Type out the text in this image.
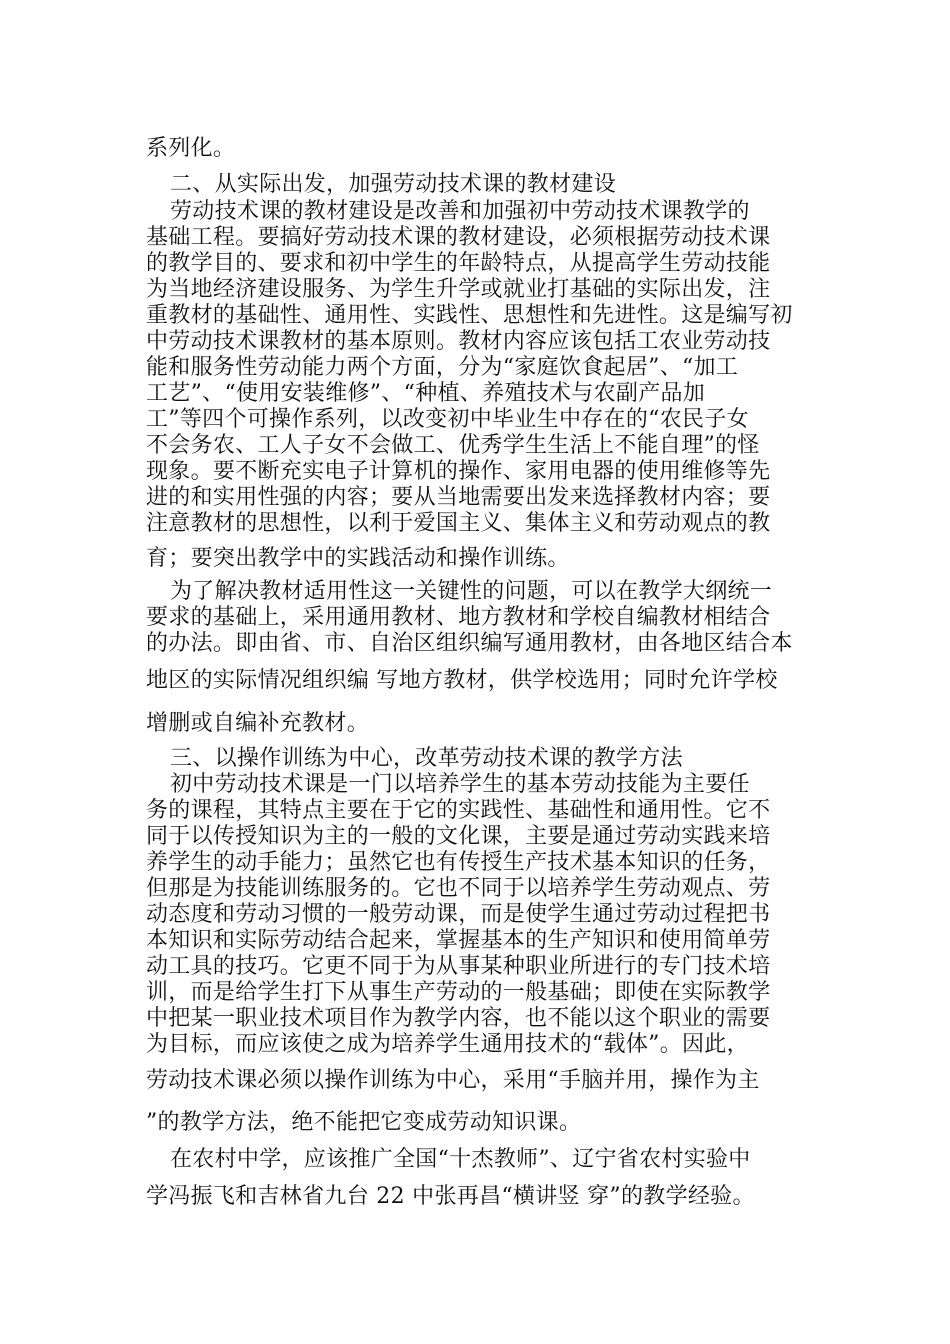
系列化。

二、从实际出发，加强劳动技术课的教材建设

劳动技术课的教材建设是改善和加强初中劳动技术课教学的

基础工程。要搞好劳动技术课的教材建设，必须根据劳动技术课

的教学目的、要求和初中学生的年龄特点，从提高学生劳动技能

为当地经济建设服务、为学生升学或就业打基础的实际出发，注

重教材的基础性、通用性、实践性、思想性和先进性。这是编写初

中劳动技术课教材的基本原则。教材内容应该包括工农业劳动技

能和服务性劳动能力两个方面，分为“家庭饮食起居”、“加工

工艺”、“使用安装维修”、“种植、养殖技术与农副产品加

工”等四个可操作系列，以改变初中毕业生中存在的“农民子女

不会务农、工人子女不会做工、优秀学生生活上不能自理”的怪

现象。要不断充实电子计算机的操作、家用电器的使用维修等先

进的和实用性强的内容；要从当地需要出发来选择教材内容；要

注意教材的思想性，以利于爱国主义、集体主义和劳动观点的教

育；要突出教学中的实践活动和操作训练。

为了解决教材适用性这一关键性的问题，可以在教学大纲统一

要求的基础上，采用通用教材、地方教材和学校自编教材相结合

的办法。即由省、市、自治区组织编写通用教材，由各地区结合本

地区的实际情况组织编 写地方教材，供学校选用；同时允许学校

增删或自编补充教材。

三、以操作训练为中心，改革劳动技术课的教学方法

初中劳动技术课是一门以培养学生的基本劳动技能为主要任

务的课程，其特点主要在于它的实践性、基础性和通用性。它不

同于以传授知识为主的一般的文化课，主要是通过劳动实践来培

养学生的动手能力；虽然它也有传授生产技术基本知识的任务，

但那是为技能训练服务的。它也不同于以培养学生劳动观点、劳

动态度和劳动习惯的一般劳动课，而是使学生通过劳动过程把书

本知识和实际劳动结合起来，掌握基本的生产知识和使用简单劳

动工具的技巧。它更不同于为从事某种职业所进行的专门技术培

训，而是给学生打下从事生产劳动的一般基础；即使在实际教学

中把某一职业技术项目作为教学内容，也不能以这个职业的需要

为目标，而应该使之成为培养学生通用技术的“载体”。因此，

劳动技术课必须以操作训练为中心，采用“手脑并用，操作为主

”的教学方法，绝不能把它变成劳动知识课。

在农村中学，应该推广全国“十杰教师”、辽宁省农村实验中

学冯振飞和吉林省九台 22 中张再昌“横讲竖 穿”的教学经验。
